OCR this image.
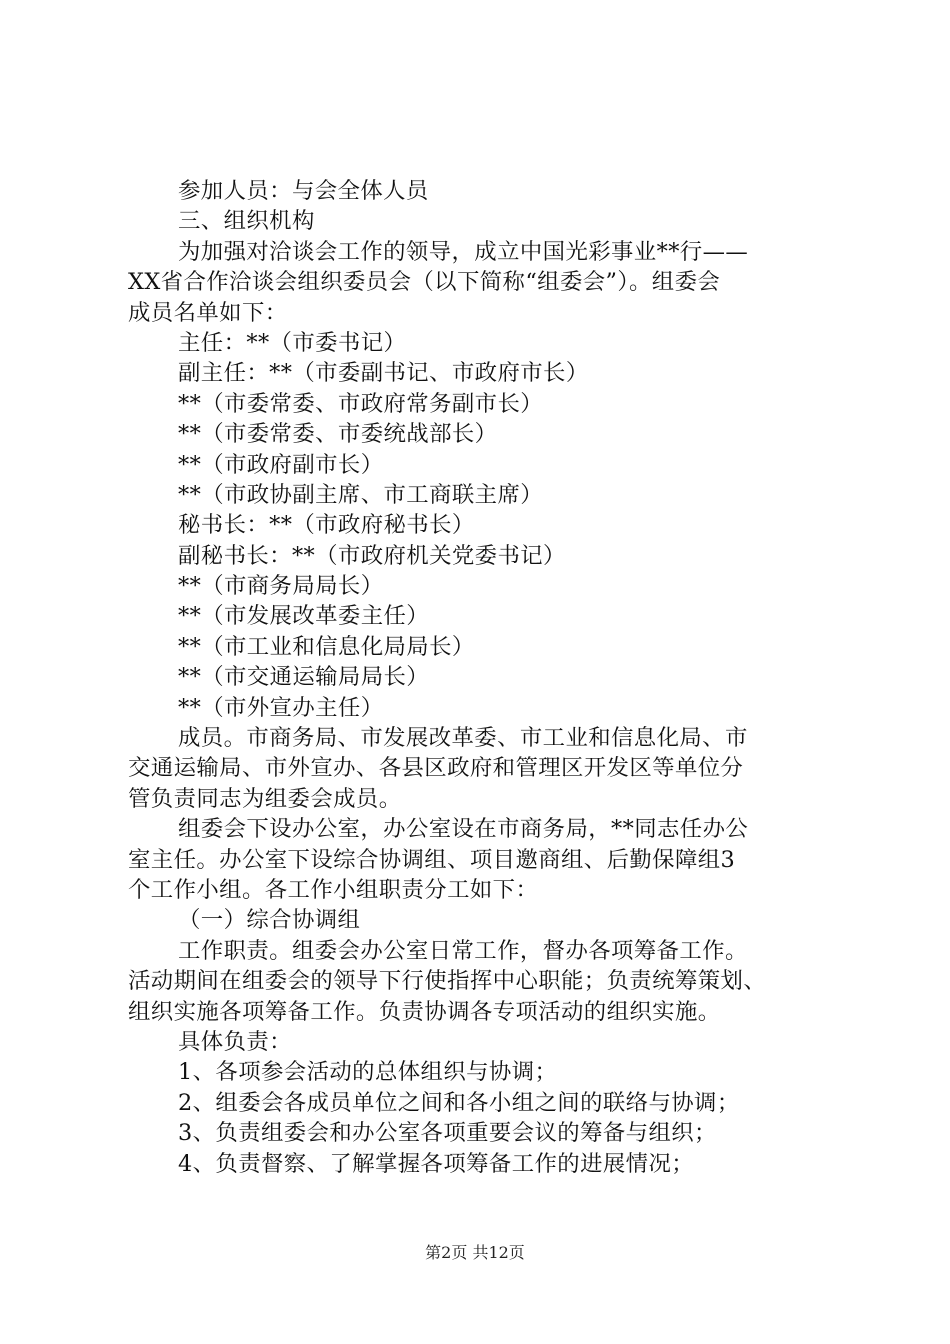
参加人员：与会全体人员
三、组织机构
为加强对洽谈会工作的领导，成立中国光彩事业**行——
XX省合作洽谈会组织委员会（以下简称“组委会”）。组委会
成员名单如下：
主任：**（市委书记）
副主任：**（市委副书记、市政府市长）
**（市委常委、市政府常务副市长）
**（市委常委、市委统战部长）
**（市政府副市长）
**（市政协副主席、市工商联主席）
秘书长：**（市政府秘书长）
副秘书长：**（市政府机关党委书记）
**（市商务局局长）
**（市发展改革委主任）
**（市工业和信息化局局长）
**（市交通运输局局长）
**（市外宣办主任）
成员。市商务局、市发展改革委、市工业和信息化局、市
交通运输局、市外宣办、各县区政府和管理区开发区等单位分
管负责同志为组委会成员。
组委会下设办公室，办公室设在市商务局，**同志任办公
室主任。办公室下设综合协调组、项目邀商组、后勤保障组3
个工作小组。各工作小组职责分工如下：
（一）综合协调组
工作职责。组委会办公室日常工作，督办各项筹备工作。
活动期间在组委会的领导下行使指挥中心职能；负责统筹策划、
组织实施各项筹备工作。负责协调各专项活动的组织实施。
具体负责：
1、各项参会活动的总体组织与协调；
2、组委会各成员单位之间和各小组之间的联络与协调；
3、负责组委会和办公室各项重要会议的筹备与组织；
4、负责督察、了解掌握各项筹备工作的进展情况；
第2页 共12页
